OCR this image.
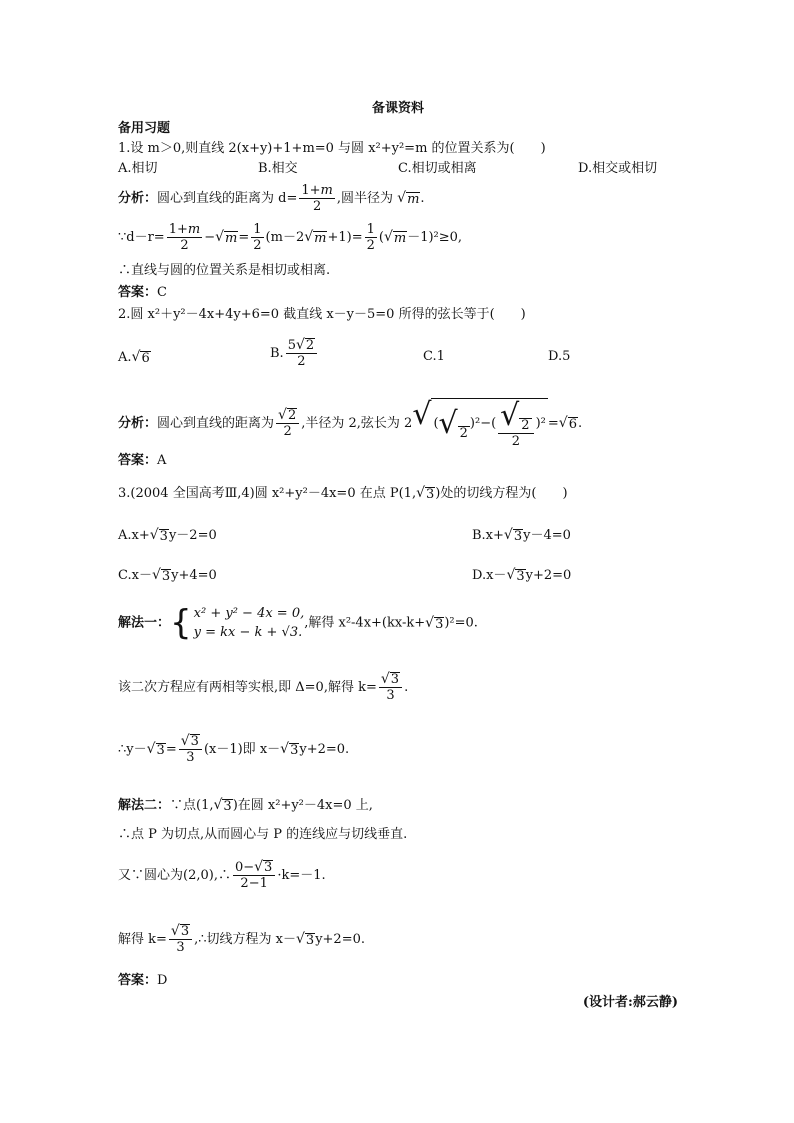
备课资料
备用习题
1.设 m＞0,则直线 2(x+y)+1+m=0 与圆 x²+y²=m 的位置关系为(　　)
A.相切	B.相交	C.相切或相离	D.相交或相切
分析：圆心到直线的距离为 $d= \frac{1+m}{2}$ ,圆半径为 √ m .
∵d－r= $\frac{1+m}{2}$ − √ $m = \frac{1}{2} (m-2$ √ $m +1)= \frac{1}{2}$ ( √ m －1)²≥0,
∴直线与圆的位置关系是相切或相离.
答案：C
2.圆 x²＋y²－4x+4y+6=0 截直线 x－y－5=0 所得的弦长等于(　　)
A. √ 6	B. $\frac{5 √ 2}{2}$	C.1	D.5
分析：圆心到直线的距离为 $\frac{√ 2}{2}$ ,半径为 2,弦长为 2 √ ( √ 2
)$^2-( \frac{√ 2}{2} )^2$ = √ 6 .
答案：A
3.(2004 全国高考Ⅲ,4)圆 x²+y²－4x=0 在点 P(1, √ 3 )处的切线方程为(　　)
A.x+ √ 3 y－2=0	B.x+ √ 3 y－4=0
C.x－ √ 3 y+4=0	D.x－ √ 3 y+2=0
解法一： { x² + y² − 4x = 0,
y = kx − k + √3.
,解得 x²-4x+(kx-k+ √ 3 )²=0.
该二次方程应有两相等实根,即 Δ=0,解得 $k= \frac{√ 3}{3}$ .
∴y－ √ $3 = \frac{√ 3}{3} (x-1)$即 x－ √ 3 y+2=0.
解法二：∵点(1, √ 3 )在圆 x²+y²－4x=0 上,
∴点 P 为切点,从而圆心与 P 的连线应与切线垂直.
又∵圆心为(2,0),∴ $\frac{0- √ 3}{2-1} \cdot k=-1$.
解得 $k= \frac{√ 3}{3}$ ,∴切线方程为 x－ √ 3 y+2=0.
答案：D
(设计者:郝云静)
